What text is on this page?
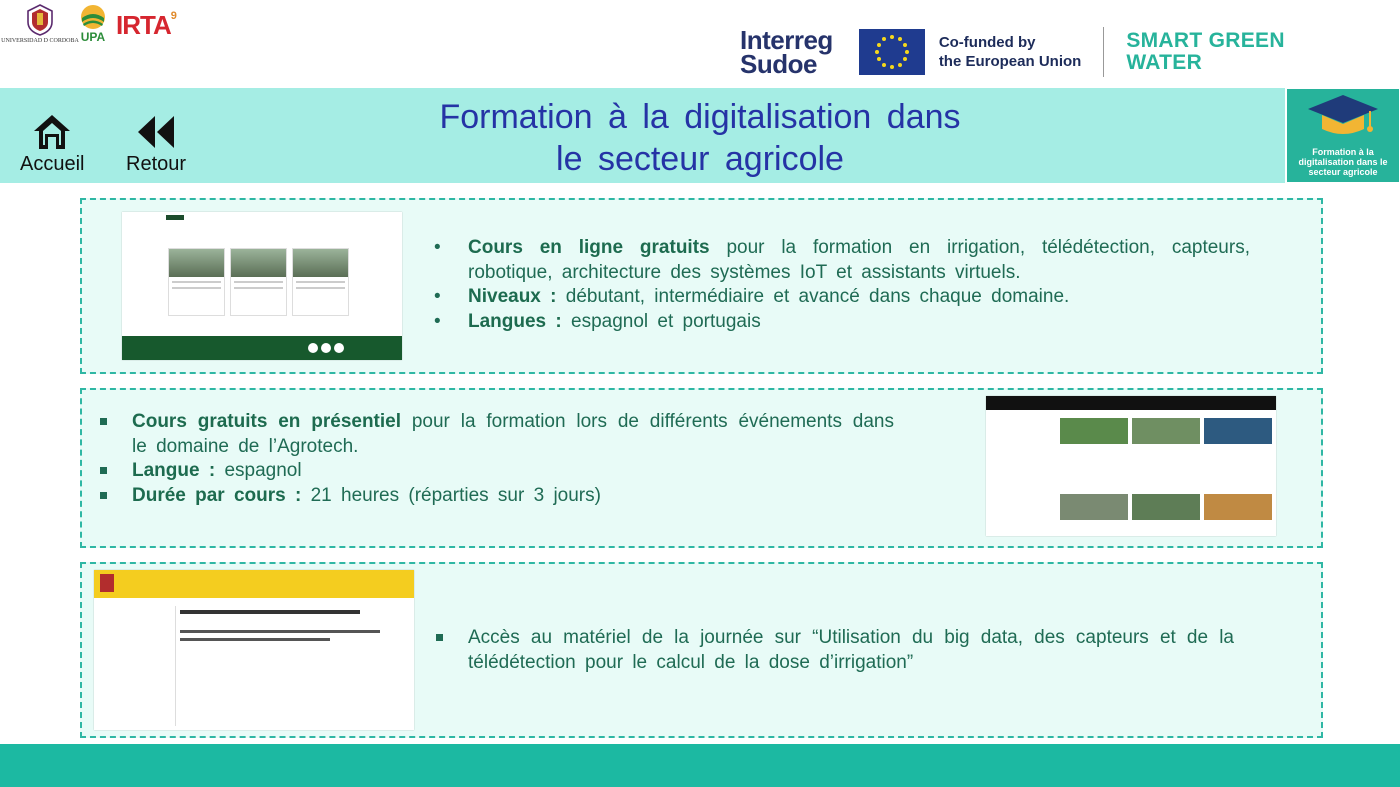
UNIVERSIDAD D CORDOBA UPA IRTA$^9$
Interreg
Sudoe
Co-funded by
the European Union
SMART GREEN
WATER
Accueil Retour
Formation à la digitalisation dans
le secteur agricole	Formation à la digitalisation dans le secteur agricole

• Cours en ligne gratuits pour la formation en irrigation, télédétection, capteurs, robotique, architecture des systèmes IoT et assistants virtuels.
• Niveaux : débutant, intermédiaire et avancé dans chaque domaine.
• Langues : espagnol et portugais
Cours gratuits en présentiel pour la formation lors de différents événements dans le domaine de l’Agrotech.
Langue : espagnol
Durée par cours : 21 heures (réparties sur 3 jours)
Accès au matériel de la journée sur “Utilisation du big data, des capteurs et de la télédétection pour le calcul de la dose d’irrigation”
